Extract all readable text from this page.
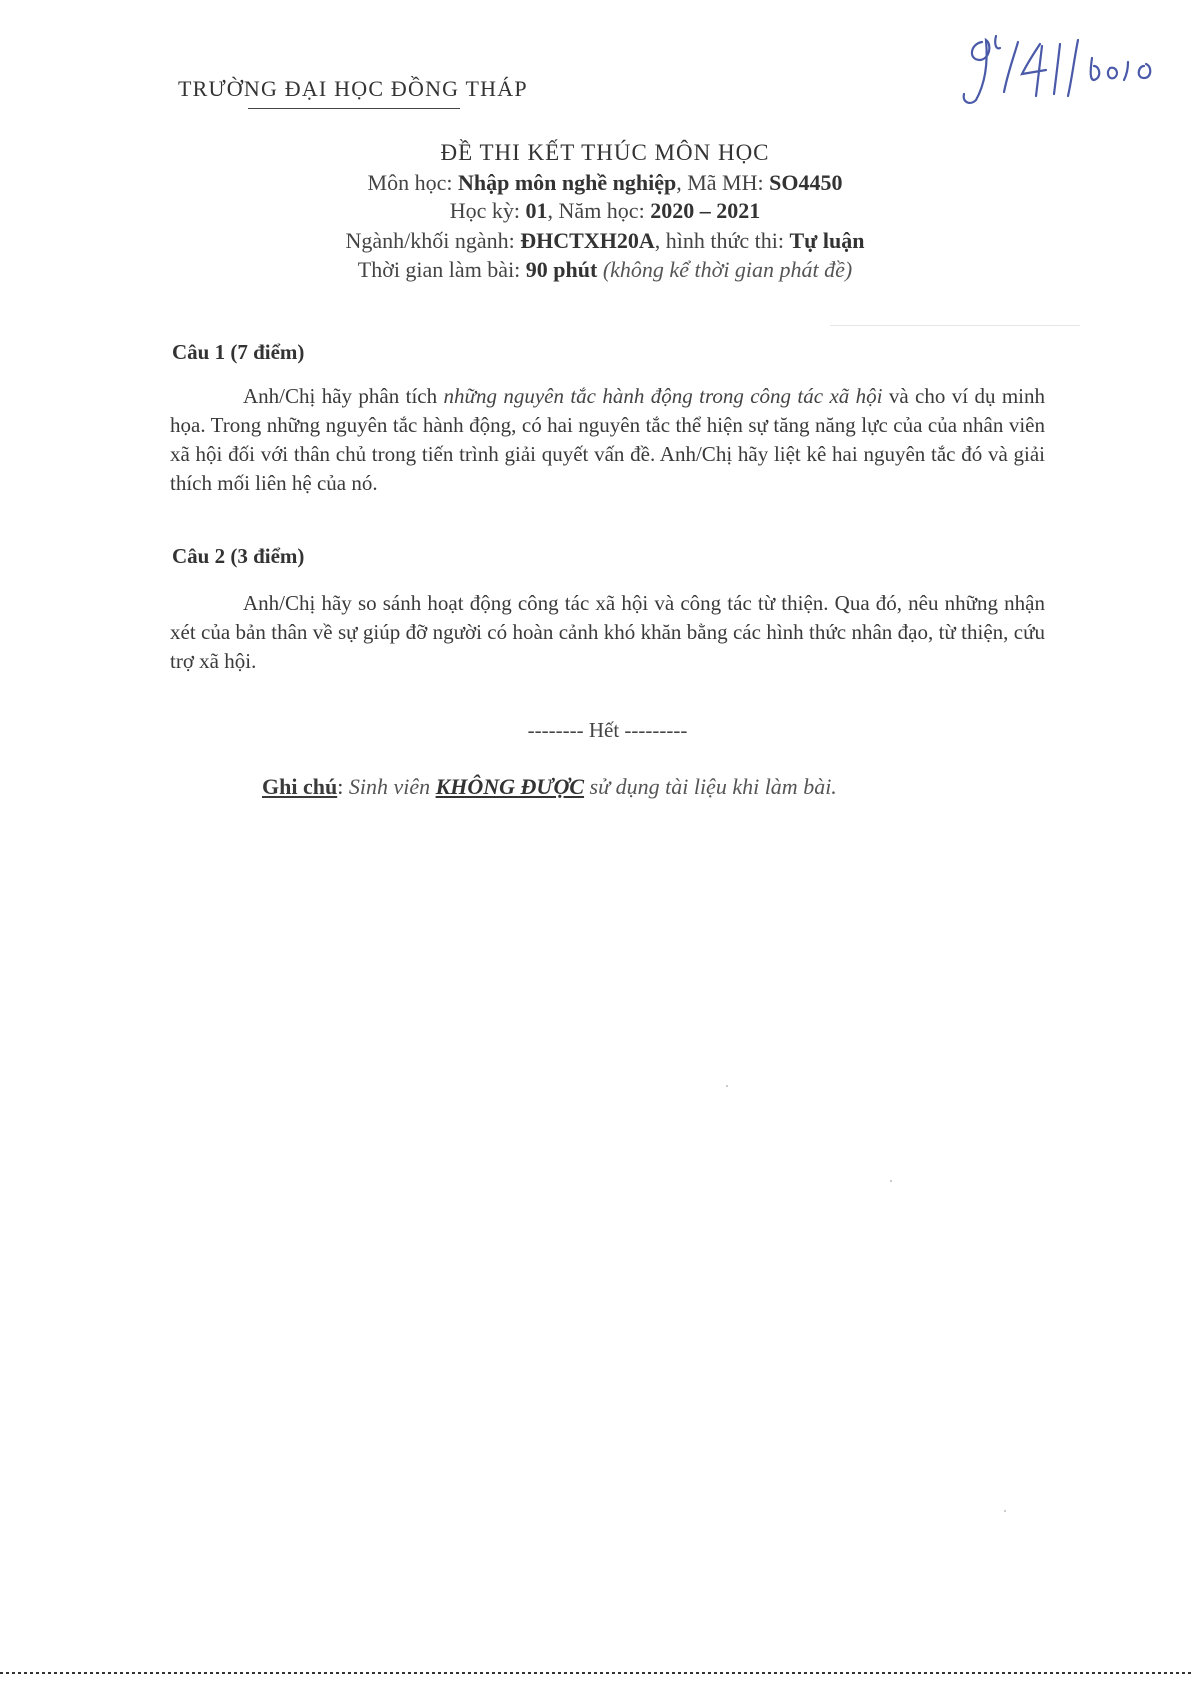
TRƯỜNG ĐẠI HỌC ĐỒNG THÁP
ĐỀ THI KẾT THÚC MÔN HỌC
Môn học: Nhập môn nghề nghiệp, Mã MH: SO4450
Học kỳ: 01, Năm học: 2020 – 2021
Ngành/khối ngành: ĐHCTXH20A, hình thức thi: Tự luận
Thời gian làm bài: 90 phút (không kể thời gian phát đề)
Câu 1 (7 điểm)
Anh/Chị hãy phân tích những nguyên tắc hành động trong công tác xã hội và cho ví dụ minh họa. Trong những nguyên tắc hành động, có hai nguyên tắc thể hiện sự tăng năng lực của của nhân viên xã hội đối với thân chủ trong tiến trình giải quyết vấn đề. Anh/Chị hãy liệt kê hai nguyên tắc đó và giải thích mối liên hệ của nó.
Câu 2 (3 điểm)
Anh/Chị hãy so sánh hoạt động công tác xã hội và công tác từ thiện. Qua đó, nêu những nhận xét của bản thân về sự giúp đỡ người có hoàn cảnh khó khăn bằng các hình thức nhân đạo, từ thiện, cứu trợ xã hội.
-------- Hết ---------
Ghi chú: Sinh viên KHÔNG ĐƯỢC sử dụng tài liệu khi làm bài.
